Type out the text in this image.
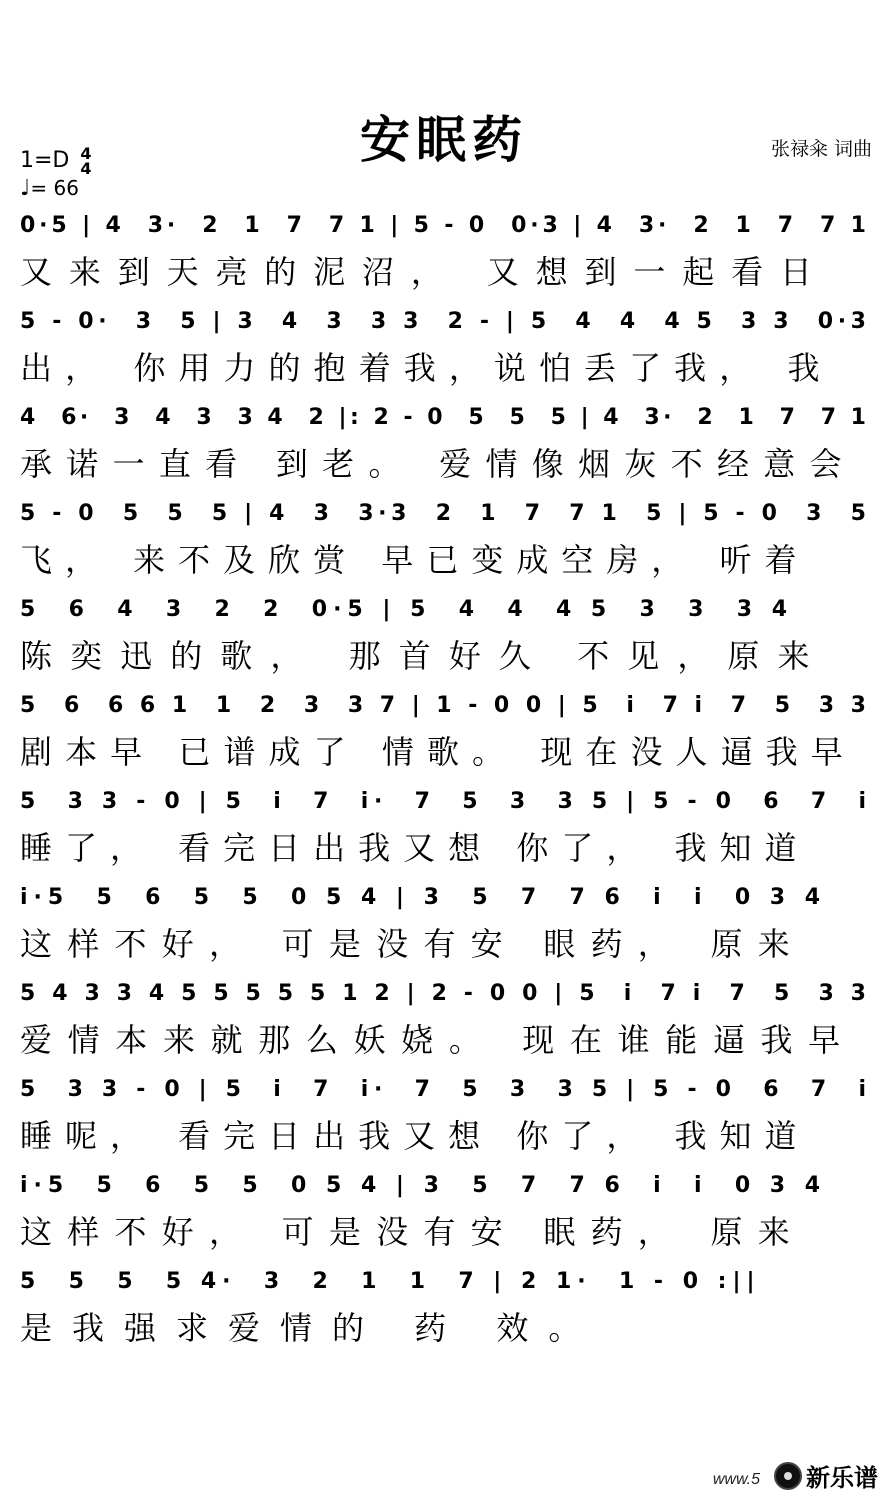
安眠药	张禄籴 词曲
1=D 4
4
♩= 66
0·5 | 4  3·  2  1  7  7 1 | 5 - 0  0·3 | 4  3·  2  1  7  7 1
又来到天亮的泥沼， 又想到一起看日
5 - 0·  3  5 | 3  4  3  3 3  2 - | 5  4  4  4 5  3 3  0·3
出， 你用力的抱着我，说怕丢了我， 我
4  6·  3  4  3  3 4  2 |: 2 - 0  5  5  5 | 4  3·  2  1  7  7 1
承诺一直看 到老。 爱情像烟灰不经意会
5 - 0  5  5  5 | 4  3  3·3  2  1  7  7 1  5 | 5 - 0  3  5
飞， 来不及欣赏 早已变成空房， 听着
5  6  4  3  2  2  0·5 | 5  4  4  4 5  3  3  3 4
陈奕迅的歌， 那首好久 不见，原来
5  6  6 6 1  1  2  3  3 7 | 1 - 0 0 | 5  i  7 i  7  5  3 3
剧本早 已谱成了 情歌。 现在没人逼我早
5  3 3 - 0 | 5  i  7  i·  7  5  3  3 5 | 5 - 0  6  7  i
睡了， 看完日出我又想 你了， 我知道
i·5  5  6  5  5  0 5 4 | 3  5  7  7 6  i  i  0 3 4
这样不好， 可是没有安 眼药， 原来
5 4 3 3 4 5 5 5 5 5 1 2 | 2 - 0 0 | 5  i  7 i  7  5  3 3
爱情本来就那么妖娆。 现在谁能逼我早
5  3 3 - 0 | 5  i  7  i·  7  5  3  3 5 | 5 - 0  6  7  i
睡呢， 看完日出我又想 你了， 我知道
i·5  5  6  5  5  0 5 4 | 3  5  7  7 6  i  i  0 3 4
这样不好， 可是没有安 眠药， 原来
5  5  5  5 4·  3  2  1  1  7 | 2 1·  1 - 0 :||
是我强求爱情的 药 效。
www.5 新乐谱
